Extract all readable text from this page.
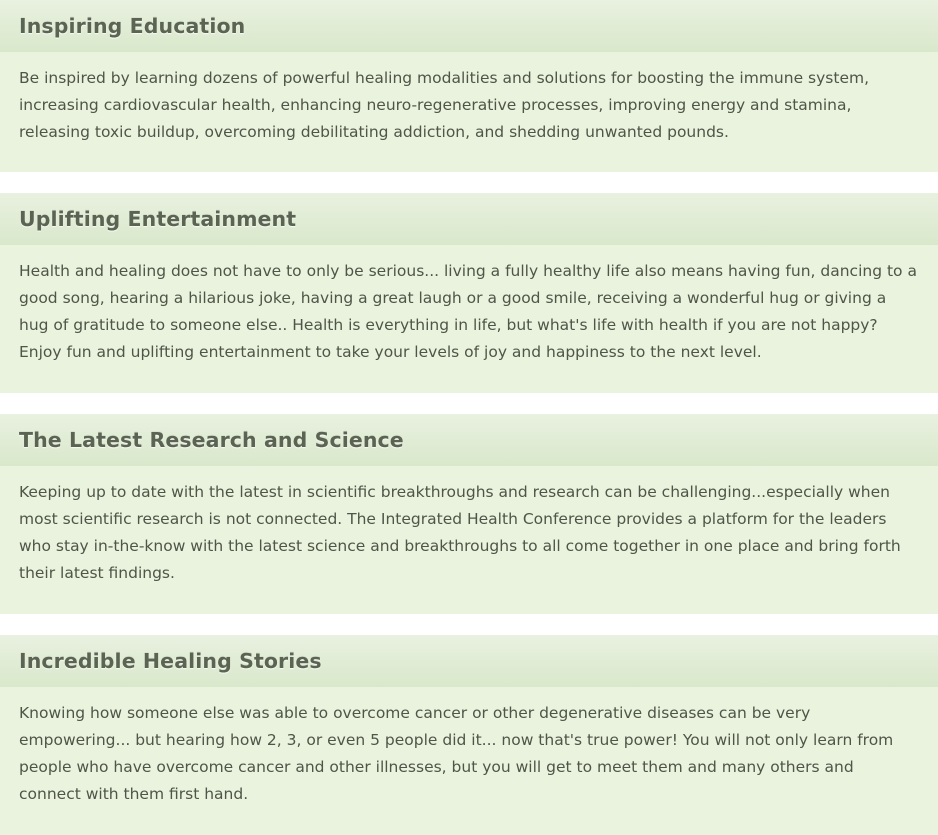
Inspiring Education

Be inspired by learning dozens of powerful healing modalities and solutions for boosting the immune system, increasing cardiovascular health, enhancing neuro-regenerative processes, improving energy and stamina, releasing toxic buildup, overcoming debilitating addiction, and shedding unwanted pounds.

Uplifting Entertainment

Health and healing does not have to only be serious... living a fully healthy life also means having fun, dancing to a good song, hearing a hilarious joke, having a great laugh or a good smile, receiving a wonderful hug or giving a hug of gratitude to someone else.. Health is everything in life, but what's life with health if you are not happy? Enjoy fun and uplifting entertainment to take your levels of joy and happiness to the next level.

The Latest Research and Science

Keeping up to date with the latest in scientific breakthroughs and research can be challenging...especially when most scientific research is not connected. The Integrated Health Conference provides a platform for the leaders who stay in-the-know with the latest science and breakthroughs to all come together in one place and bring forth their latest findings.

Incredible Healing Stories

Knowing how someone else was able to overcome cancer or other degenerative diseases can be very empowering... but hearing how 2, 3, or even 5 people did it... now that's true power! You will not only learn from people who have overcome cancer and other illnesses, but you will get to meet them and many others and connect with them first hand.
